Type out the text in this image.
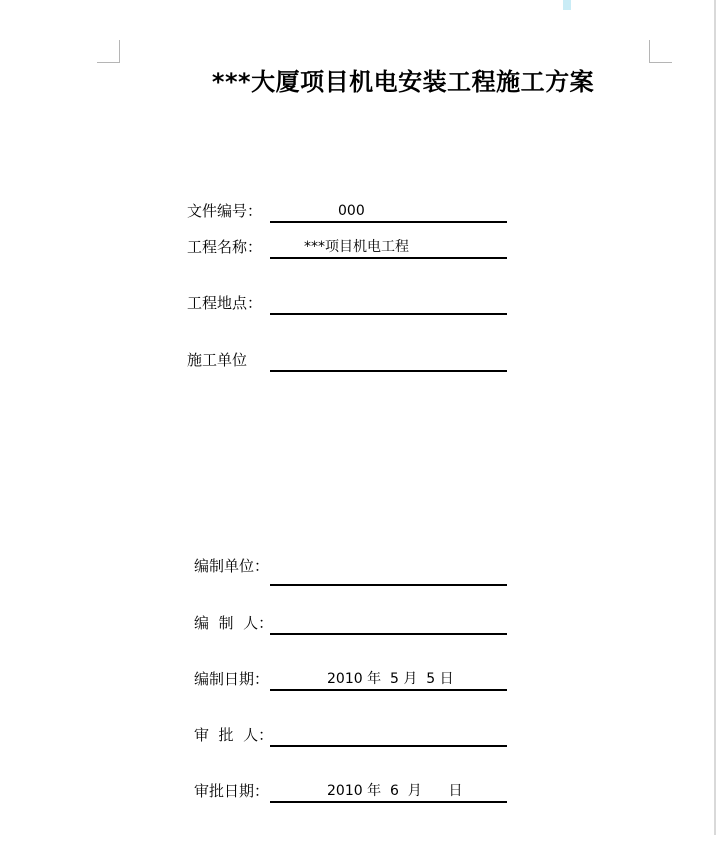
***大厦项目机电安装工程施工方案
文件编号：

	000

工程名称：

	***项目机电工程

工程地点：

施工单位

编制单位：

编  制  人：

编制日期：

	2010 年  5 月  5 日

审  批  人：

审批日期：

	2010 年  6  月      日
